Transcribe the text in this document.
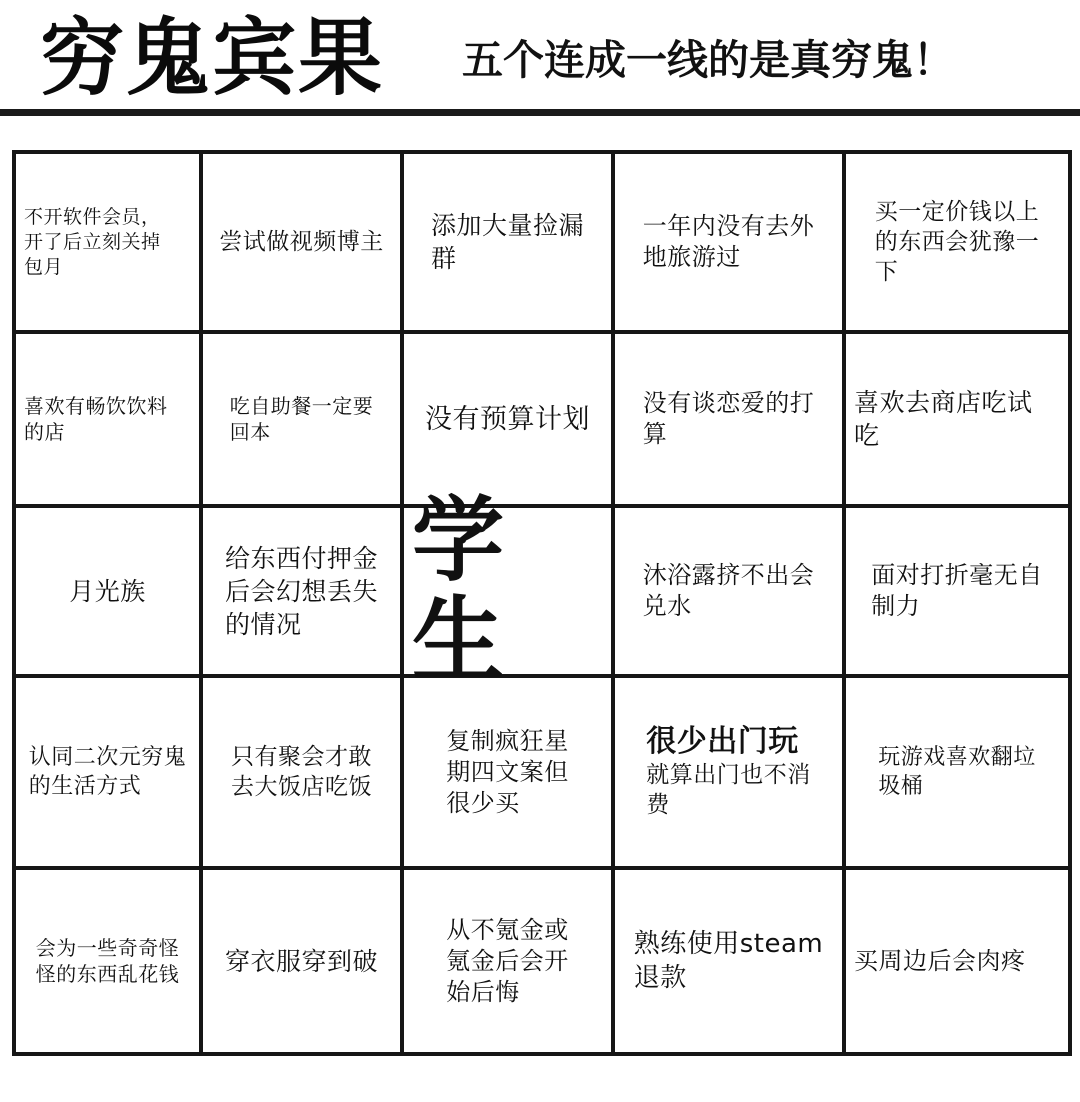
穷鬼宾果 五个连成一线的是真穷鬼！
不开软件会员，
开了后立刻关掉
包月
尝试做视频博主
添加大量捡漏
群
一年内没有去外
地旅游过
买一定价钱以上
的东西会犹豫一
下
喜欢有畅饮饮料
的店
吃自助餐一定要
回本	没有预算计划
没有谈恋爱的打
算
喜欢去商店吃试
吃
月光族
给东西付押金
后会幻想丢失
的情况
学生
沐浴露挤不出会
兑水
面对打折毫无自
制力
认同二次元穷鬼
的生活方式
只有聚会才敢
去大饭店吃饭
复制疯狂星
期四文案但
很少买
很少出门玩
就算出门也不消
费
玩游戏喜欢翻垃
圾桶
会为一些奇奇怪
怪的东西乱花钱 穿衣服穿到破
从不氪金或
氪金后会开
始后悔
熟练使用steam
退款
买周边后会肉疼
